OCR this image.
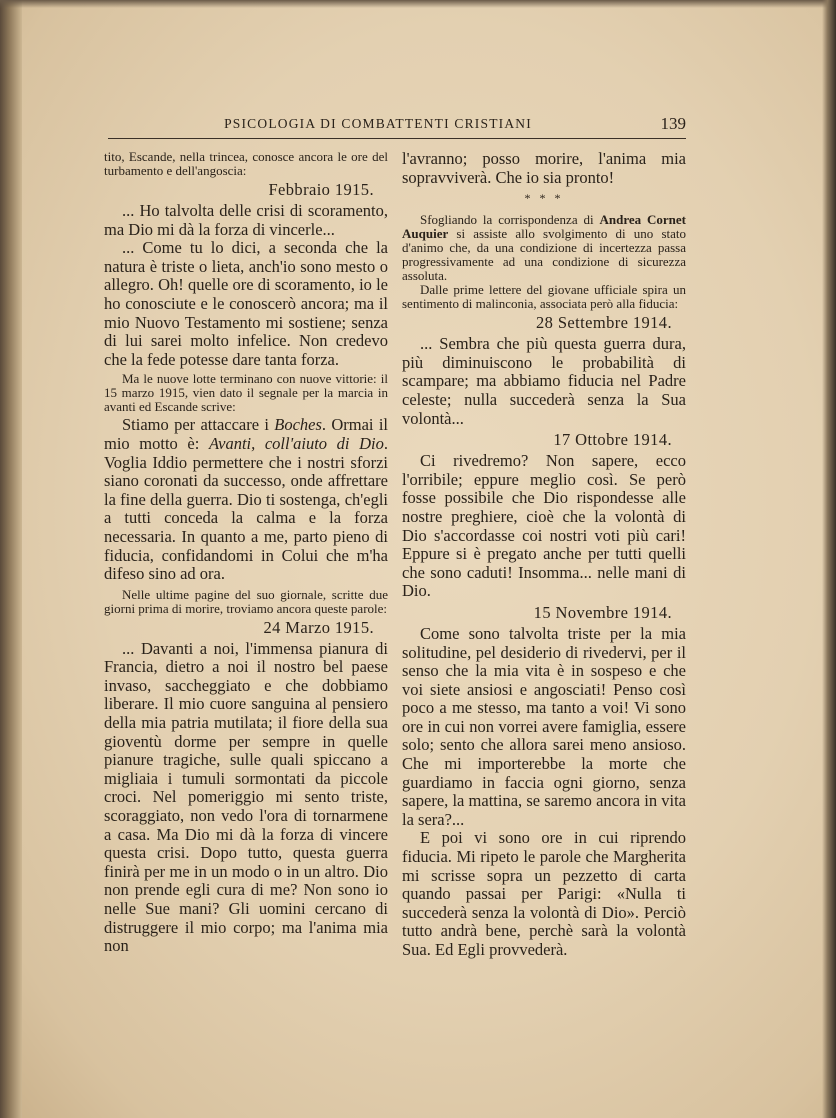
PSICOLOGIA DI COMBATTENTI CRISTIANI	139

tito, Escande, nella trincea, conosce ancora le ore del turbamento e dell'angoscia:

Febbraio 1915.

... Ho talvolta delle crisi di scoramento, ma Dio mi dà la forza di vincerle...

... Come tu lo dici, a seconda che la natura è triste o lieta, anch'io sono mesto o allegro. Oh! quelle ore di scoramento, io le ho conosciute e le conoscerò ancora; ma il mio Nuovo Testamento mi sostiene; senza di lui sarei molto infelice. Non credevo che la fede potesse dare tanta forza.

Ma le nuove lotte terminano con nuove vittorie: il 15 marzo 1915, vien dato il segnale per la marcia in avanti ed Escande scrive:

Stiamo per attaccare i Boches. Ormai il mio motto è: Avanti, coll'aiuto di Dio. Voglia Iddio permettere che i nostri sforzi siano coronati da successo, onde affrettare la fine della guerra. Dio ti sostenga, ch'egli a tutti conceda la calma e la forza necessaria. In quanto a me, parto pieno di fiducia, confidandomi in Colui che m'ha difeso sino ad ora.

Nelle ultime pagine del suo giornale, scritte due giorni prima di morire, troviamo ancora queste parole:

24 Marzo 1915.

... Davanti a noi, l'immensa pianura di Francia, dietro a noi il nostro bel paese invaso, saccheggiato e che dobbiamo liberare. Il mio cuore sanguina al pensiero della mia patria mutilata; il fiore della sua gioventù dorme per sempre in quelle pianure tragiche, sulle quali spiccano a migliaia i tumuli sormontati da piccole croci. Nel pomeriggio mi sento triste, scoraggiato, non vedo l'ora di tornarmene a casa. Ma Dio mi dà la forza di vincere questa crisi. Dopo tutto, questa guerra finirà per me in un modo o in un altro. Dio non prende egli cura di me? Non sono io nelle Sue mani? Gli uomini cercano di distruggere il mio corpo; ma l'anima mia non

l'avranno; posso morire, l'anima mia sopravviverà. Che io sia pronto!

* * *

Sfogliando la corrispondenza di Andrea Cornet Auquier si assiste allo svolgimento di uno stato d'animo che, da una condizione di incertezza passa progressivamente ad una condizione di sicurezza assoluta.

Dalle prime lettere del giovane ufficiale spira un sentimento di malinconia, associata però alla fiducia:

28 Settembre 1914.

... Sembra che più questa guerra dura, più diminuiscono le probabilità di scampare; ma abbiamo fiducia nel Padre celeste; nulla succederà senza la Sua volontà...

17 Ottobre 1914.

Ci rivedremo? Non sapere, ecco l'orribile; eppure meglio così. Se però fosse possibile che Dio rispondesse alle nostre preghiere, cioè che la volontà di Dio s'accordasse coi nostri voti più cari! Eppure si è pregato anche per tutti quelli che sono caduti! Insomma... nelle mani di Dio.

15 Novembre 1914.

Come sono talvolta triste per la mia solitudine, pel desiderio di rivedervi, per il senso che la mia vita è in sospeso e che voi siete ansiosi e angosciati! Penso così poco a me stesso, ma tanto a voi! Vi sono ore in cui non vorrei avere famiglia, essere solo; sento che allora sarei meno ansioso. Che mi importerebbe la morte che guardiamo in faccia ogni giorno, senza sapere, la mattina, se saremo ancora in vita la sera?...

E poi vi sono ore in cui riprendo fiducia. Mi ripeto le parole che Margherita mi scrisse sopra un pezzetto di carta quando passai per Parigi: «Nulla ti succederà senza la volontà di Dio». Perciò tutto andrà bene, perchè sarà la volontà Sua. Ed Egli provvederà.
